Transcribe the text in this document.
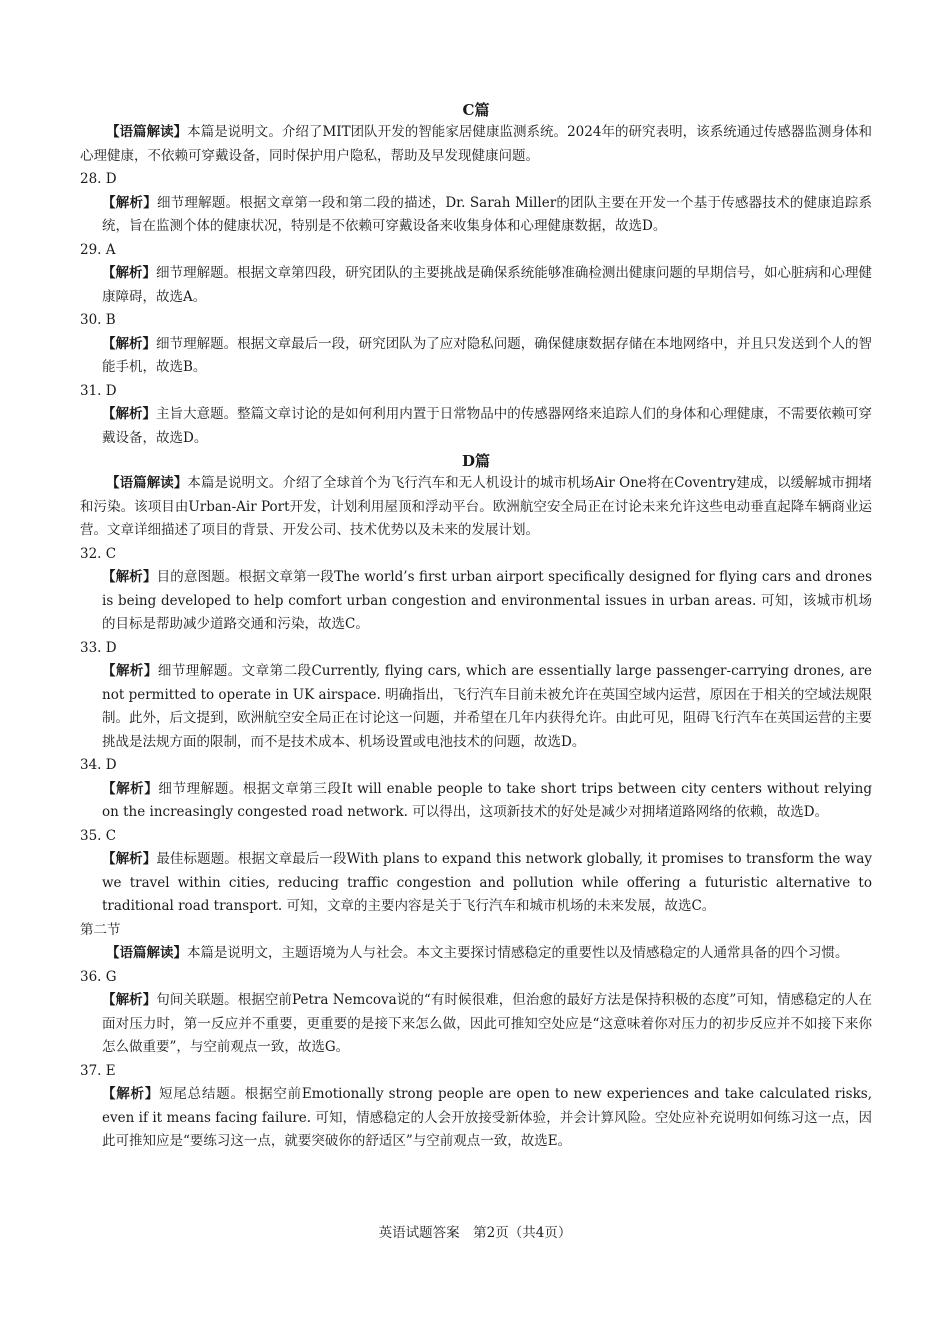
C篇

【语篇解读】本篇是说明文。介绍了MIT团队开发的智能家居健康监测系统。2024年的研究表明，该系统通过传感器监测身体和心理健康，不依赖可穿戴设备，同时保护用户隐私，帮助及早发现健康问题。

28. D

【解析】细节理解题。根据文章第一段和第二段的描述，Dr. Sarah Miller的团队主要在开发一个基于传感器技术的健康追踪系统，旨在监测个体的健康状况，特别是不依赖可穿戴设备来收集身体和心理健康数据，故选D。

29. A

【解析】细节理解题。根据文章第四段，研究团队的主要挑战是确保系统能够准确检测出健康问题的早期信号，如心脏病和心理健康障碍，故选A。

30. B

【解析】细节理解题。根据文章最后一段，研究团队为了应对隐私问题，确保健康数据存储在本地网络中，并且只发送到个人的智能手机，故选B。

31. D

【解析】主旨大意题。整篇文章讨论的是如何利用内置于日常物品中的传感器网络来追踪人们的身体和心理健康，不需要依赖可穿戴设备，故选D。

D篇

【语篇解读】本篇是说明文。介绍了全球首个为飞行汽车和无人机设计的城市机场Air One将在Coventry建成，以缓解城市拥堵和污染。该项目由Urban-Air Port开发，计划利用屋顶和浮动平台。欧洲航空安全局正在讨论未来允许这些电动垂直起降车辆商业运营。文章详细描述了项目的背景、开发公司、技术优势以及未来的发展计划。

32. C

【解析】目的意图题。根据文章第一段The world’s first urban airport specifically designed for flying cars and drones is being developed to help comfort urban congestion and environmental issues in urban areas. 可知，该城市机场的目标是帮助减少道路交通和污染，故选C。

33. D

【解析】细节理解题。文章第二段Currently, flying cars, which are essentially large passenger-carrying drones, are not permitted to operate in UK airspace. 明确指出，飞行汽车目前未被允许在英国空域内运营，原因在于相关的空域法规限制。此外，后文提到，欧洲航空安全局正在讨论这一问题，并希望在几年内获得允许。由此可见，阻碍飞行汽车在英国运营的主要挑战是法规方面的限制，而不是技术成本、机场设置或电池技术的问题，故选D。

34. D

【解析】细节理解题。根据文章第三段It will enable people to take short trips between city centers without relying on the increasingly congested road network. 可以得出，这项新技术的好处是减少对拥堵道路网络的依赖，故选D。

35. C

【解析】最佳标题题。根据文章最后一段With plans to expand this network globally, it promises to transform the way we travel within cities, reducing traffic congestion and pollution while offering a futuristic alternative to traditional road transport. 可知，文章的主要内容是关于飞行汽车和城市机场的未来发展，故选C。

第二节

【语篇解读】本篇是说明文，主题语境为人与社会。本文主要探讨情感稳定的重要性以及情感稳定的人通常具备的四个习惯。

36. G

【解析】句间关联题。根据空前Petra Nemcova说的“有时候很难，但治愈的最好方法是保持积极的态度”可知，情感稳定的人在面对压力时，第一反应并不重要，更重要的是接下来怎么做，因此可推知空处应是“这意味着你对压力的初步反应并不如接下来你怎么做重要”，与空前观点一致，故选G。

37. E

【解析】短尾总结题。根据空前Emotionally strong people are open to new experiences and take calculated risks, even if it means facing failure. 可知，情感稳定的人会开放接受新体验，并会计算风险。空处应补充说明如何练习这一点，因此可推知应是“要练习这一点，就要突破你的舒适区”与空前观点一致，故选E。

英语试题答案　第2页（共4页）
